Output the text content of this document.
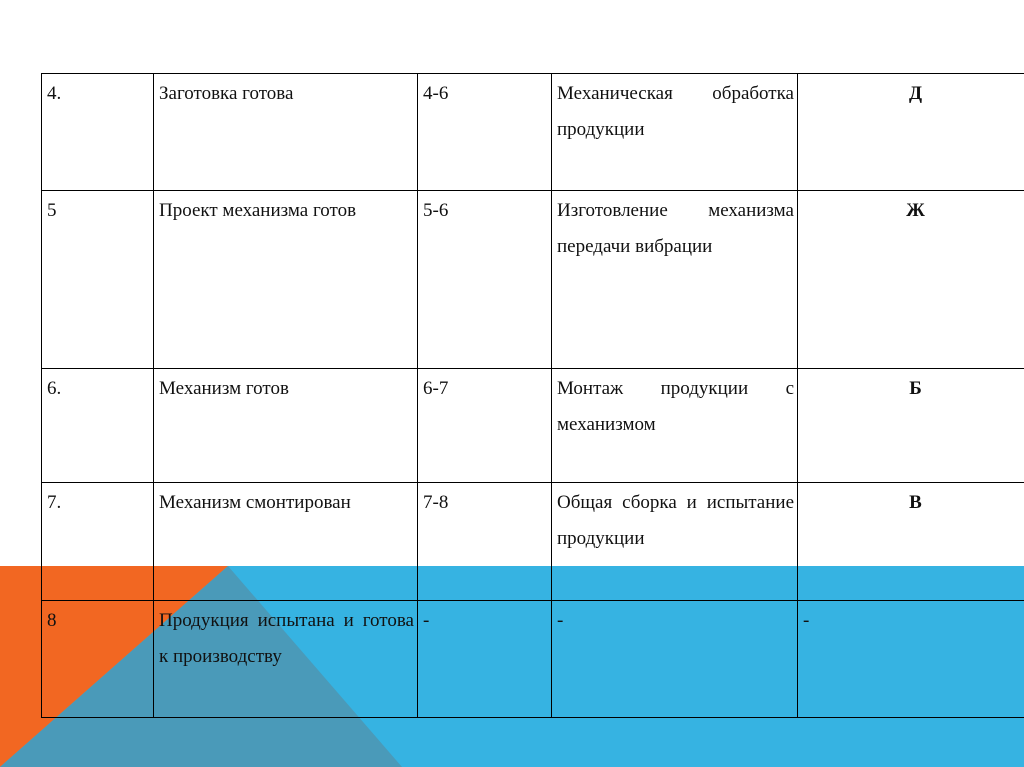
4.	Заготовка готова	4-6	Механическая обработка продукции	Д
5	Проект механизма готов	5-6	Изготовление механизма передачи вибрации	Ж
6.	Механизм готов	6-7	Монтаж продукции с механизмом	Б
7.	Механизм смонтирован	7-8	Общая сборка и испытание продукции	В
8	Продукция испытана и готова к производству	-	-	-
